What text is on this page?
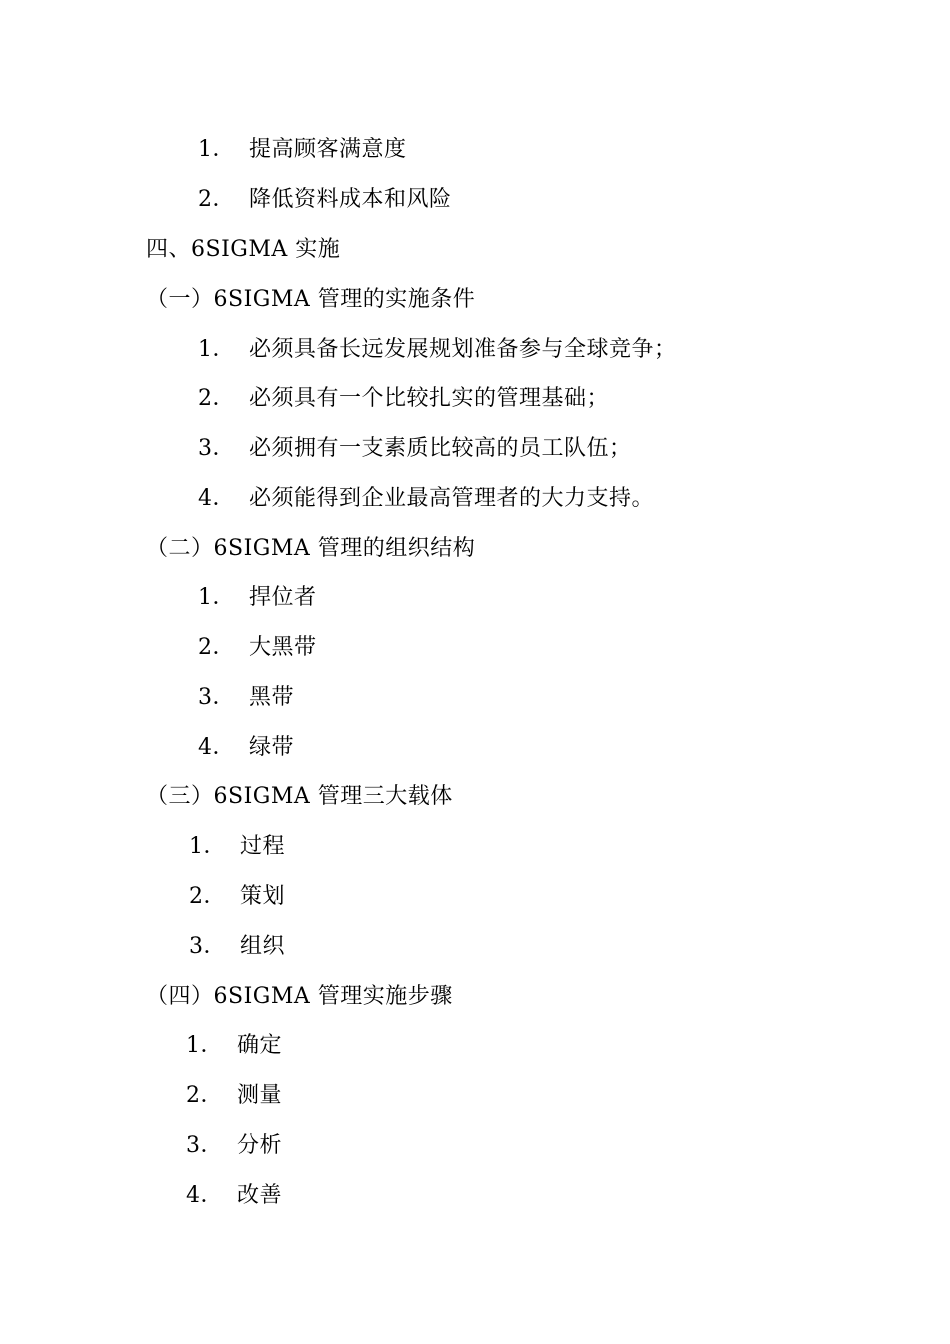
1． 提高顾客满意度
2． 降低资料成本和风险
四、6SIGMA 实施
（一）6SIGMA 管理的实施条件
1． 必须具备长远发展规划准备参与全球竞争；
2． 必须具有一个比较扎实的管理基础；
3． 必须拥有一支素质比较高的员工队伍；
4． 必须能得到企业最高管理者的大力支持。
（二）6SIGMA 管理的组织结构
1． 捍位者
2． 大黑带
3． 黑带
4． 绿带
（三）6SIGMA 管理三大载体
1． 过程
2． 策划
3． 组织
（四）6SIGMA 管理实施步骤
1． 确定
2． 测量
3． 分析
4． 改善
